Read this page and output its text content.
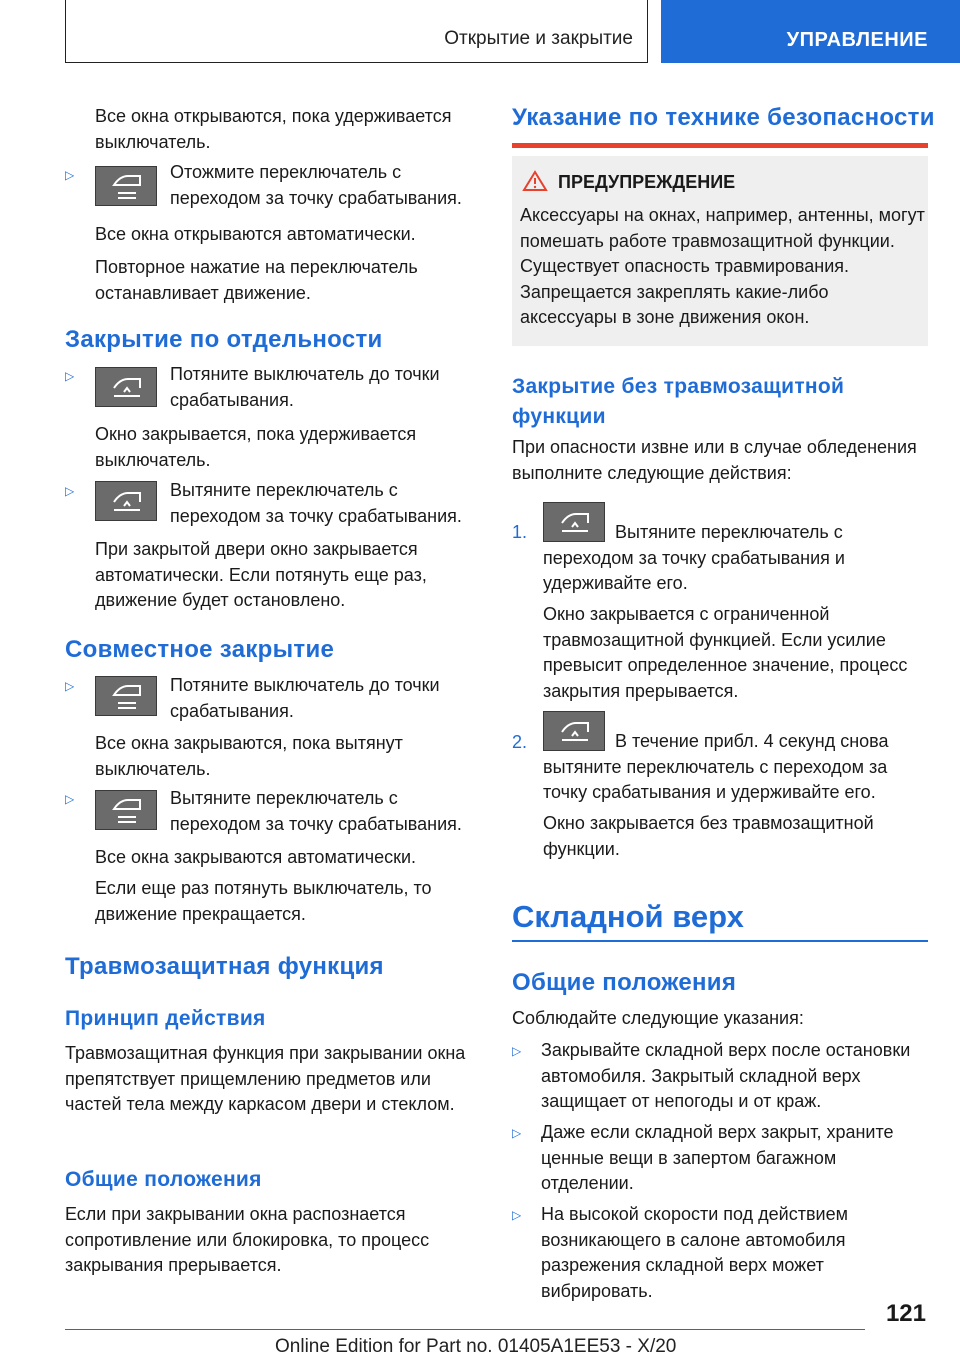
Открытие и закрытие	УПРАВЛЕНИЕ

Все окна открываются, пока удерживается выключатель.

▷	Отожмите переключатель с переходом за точку срабатывания.

Все окна открываются автоматически.

Повторное нажатие на переключатель останавливает движение.

Закрытие по отдельности
▷	Потяните выключатель до точки срабатывания.

Окно закрывается, пока удерживается выключатель.

▷	Вытяните переключатель с переходом за точку срабатывания.

При закрытой двери окно закрывается автоматически. Если потянуть еще раз, движение будет остановлено.

Совместное закрытие
▷	Потяните выключатель до точки срабатывания.

Все окна закрываются, пока вытянут выключатель.

▷	Вытяните переключатель с переходом за точку срабатывания.

Все окна закрываются автоматически.

Если еще раз потянуть выключатель, то движение прекращается.

Травмозащитная функция
Принцип действия

Травмозащитная функция при закрывании окна препятствует прищемлению предметов или частей тела между каркасом двери и стеклом.

Общие положения

Если при закрывании окна распознается сопротивление или блокировка, то процесс закрывания прерывается.

Указание по технике безопасности
ПРЕДУПРЕЖДЕНИЕ

Аксессуары на окнах, например, антенны, могут помешать работе травмозащитной функции. Существует опасность травмирования. Запрещается закреплять какие-либо аксессуары в зоне движения окон.

Закрытие без травмозащитной функции

При опасности извне или в случае обледенения выполните следующие действия:

1.	Вытяните переключатель с переходом за точку срабатывания и удерживайте его.

Окно закрывается с ограниченной травмозащитной функцией. Если усилие превысит определенное значение, процесс закрытия прерывается.

2.	В течение прибл. 4 секунд снова вытяните переключатель с переходом за точку срабатывания и удерживайте его.

Окно закрывается без травмозащитной функции.

Складной верх
Общие положения

Соблюдайте следующие указания:

▷ Закрывайте складной верх после остановки автомобиля. Закрытый складной верх защищает от непогоды и от краж.

▷ Даже если складной верх закрыт, храните ценные вещи в запертом багажном отделении.

▷ На высокой скорости под действием возникающего в салоне автомобиля разрежения складной верх может вибрировать.

121
Online Edition for Part no. 01405A1EE53 - X/20
